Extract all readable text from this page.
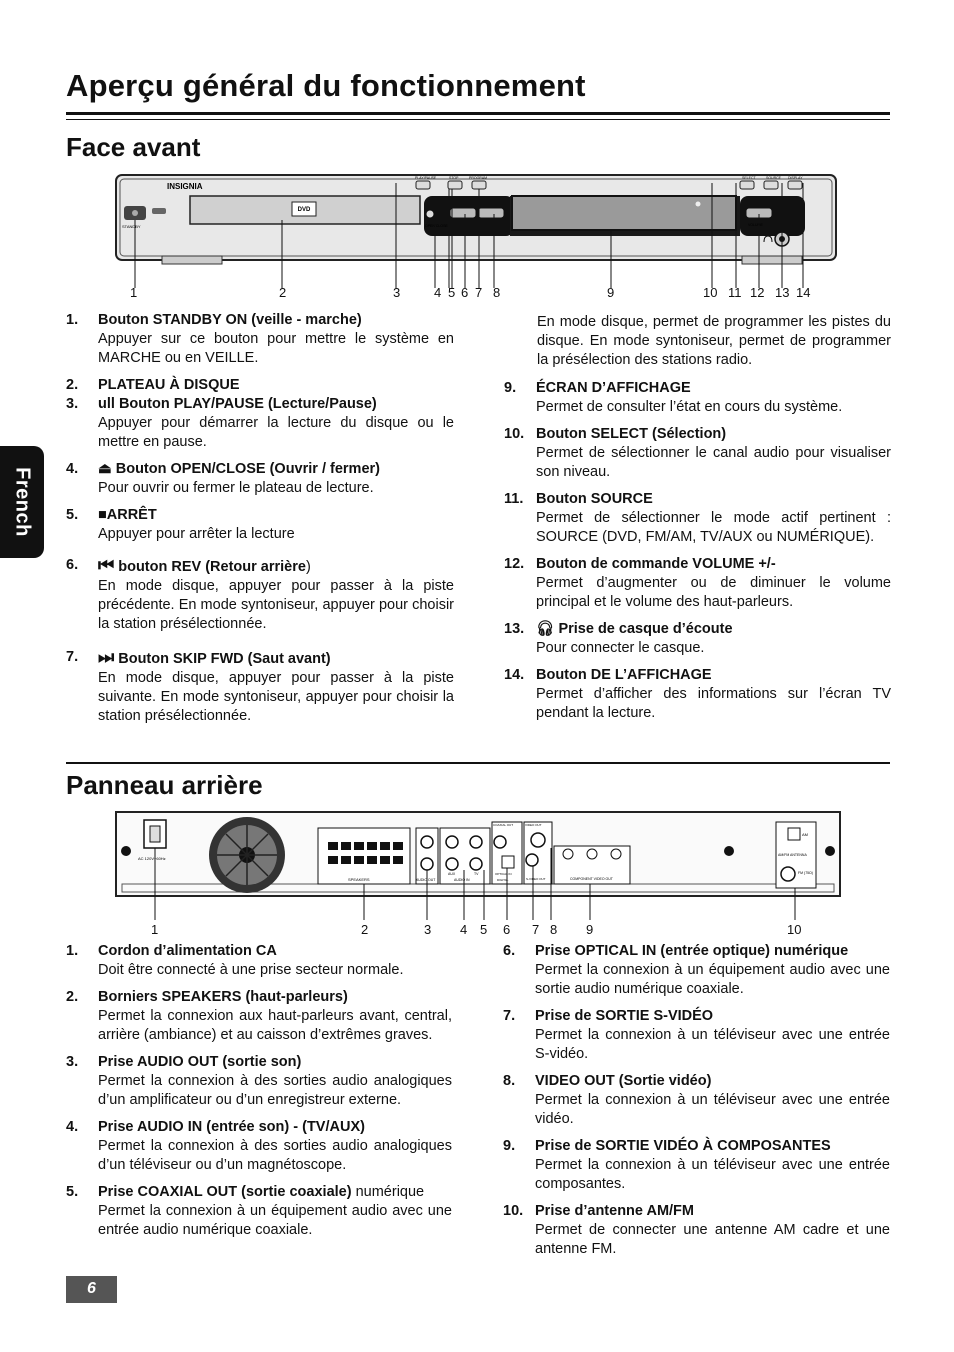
Aperçu général du fonctionnement
French
Face avant
INSIGNIA
STANDBY
DVD
PLAY/PAUSE	STOP	PROGRAM
OPEN/CLOSE
SELECT	SOURCE DISPLAY
VOLUME
1	2	3	4 5 6 7 8	9	10 11 12 13 14
1. Bouton STANDBY ON (veille - marche)
Appuyer sur ce bouton pour mettre le système en MARCHE ou en VEILLE.
2. PLATEAU À DISQUE
3. ull Bouton PLAY/PAUSE (Lecture/Pause)
Appuyer pour démarrer la lecture du disque ou le mettre en pause.
4. ⏏ Bouton OPEN/CLOSE (Ouvrir / fermer)
Pour ouvrir ou fermer le plateau de lecture.
5. ■ARRÊT
Appuyer pour arrêter la lecture
6. ⏮ bouton REV (Retour arrière)
En mode disque, appuyer pour passer à la piste précédente. En mode syntoniseur, appuyer pour choisir la station présélectionnée.
7. ⏭ Bouton SKIP FWD (Saut avant)
En mode disque, appuyer pour passer à la piste suivante. En mode syntoniseur, appuyer pour choisir la station présélectionnée.
En mode disque, permet de programmer les pistes du disque. En mode syntoniseur, permet de programmer la présélection des stations radio.
9. ÉCRAN D’AFFICHAGE
Permet de consulter l’état en cours du système.
10. Bouton SELECT (Sélection)
Permet de sélectionner le canal audio pour visualiser son niveau.
11. Bouton SOURCE
Permet de sélectionner le mode actif pertinent : SOURCE (DVD, FM/AM, TV/AUX ou NUMÉRIQUE).
12. Bouton de commande VOLUME +/-
Permet d’augmenter ou de diminuer le volume principal et le volume des haut-parleurs.
13. 🎧︎ Prise de casque d’écoute
Pour connecter le casque.
14. Bouton DE L’AFFICHAGE
Permet d’afficher des informations sur l’écran TV pendant la lecture.
Panneau arrière
AC 120V~60Hz
SPEAKERS	AUDIO OUT
AUX	TV
AUDIO IN
COAXIAL OUT
OPTICAL IN
DIGITAL
VIDEO OUT
S-VIDEO OUT	COMPONENT VIDEO OUT
AM
AM/FM ANTENNA
FM (75Ω)
1	2	3 4 5 6 7 8 9	10
1. Cordon d’alimentation CA
Doit être connecté à une prise secteur normale.
2. Borniers SPEAKERS (haut-parleurs)
Permet la connexion aux haut-parleurs avant, central, arrière (ambiance) et au caisson d’extrêmes graves.
3. Prise AUDIO OUT (sortie son)
Permet la connexion à des sorties audio analogiques d’un amplificateur ou d’un enregistreur externe.
4. Prise AUDIO IN (entrée son) - (TV/AUX)
Permet la connexion à des sorties audio analogiques d’un téléviseur ou d’un magnétoscope.
5. Prise COAXIAL OUT (sortie coaxiale) numérique
Permet la connexion à un équipement audio avec une entrée audio numérique coaxiale.
6. Prise OPTICAL IN (entrée optique) numérique
Permet la connexion à un équipement audio avec une sortie audio numérique coaxiale.
7. Prise de SORTIE S-VIDÉO
Permet la connexion à un téléviseur avec une entrée S-vidéo.
8. VIDEO OUT (Sortie vidéo)
Permet la connexion à un téléviseur avec une entrée vidéo.
9. Prise de SORTIE VIDÉO À COMPOSANTES
Permet la connexion à un téléviseur avec une entrée composantes.
10. Prise d’antenne AM/FM
Permet de connecter une antenne AM cadre et une antenne FM.
6
